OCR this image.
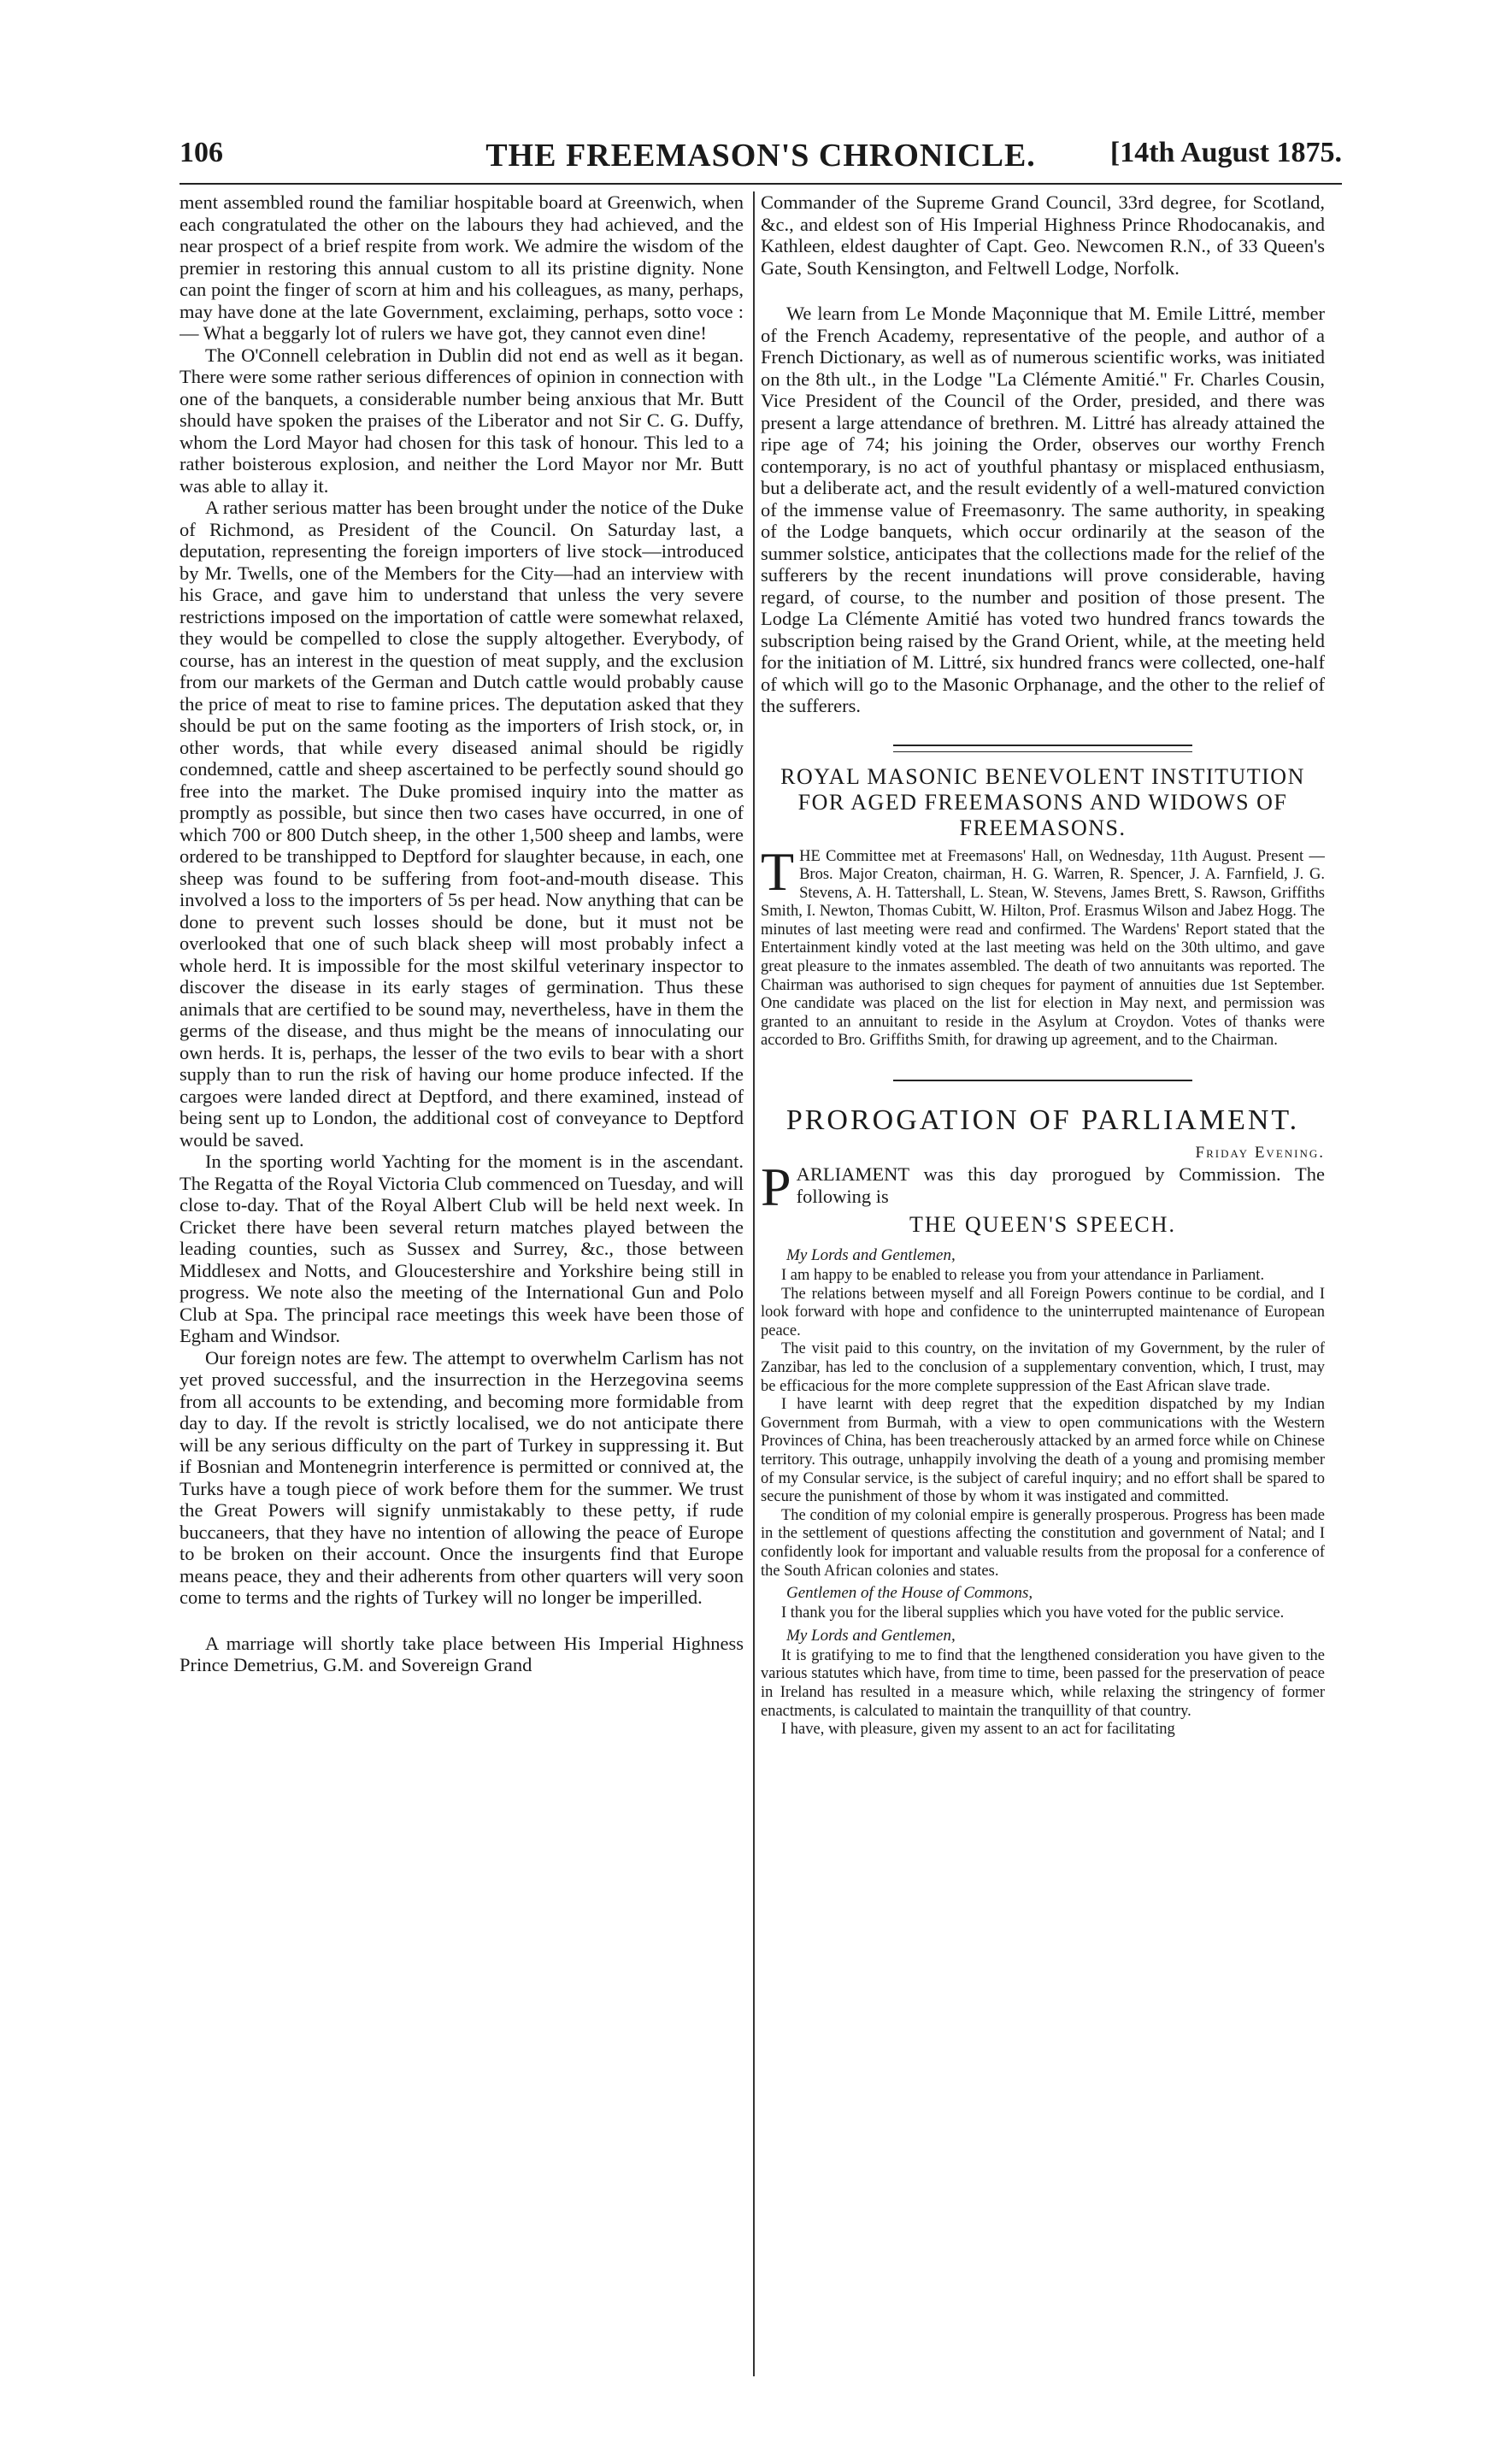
106	THE FREEMASON'S CHRONICLE.	[14th August 1875.

ment assembled round the familiar hospitable board at Greenwich, when each congratulated the other on the labours they had achieved, and the near prospect of a brief respite from work. We admire the wisdom of the premier in restoring this annual custom to all its pristine dignity. None can point the finger of scorn at him and his colleagues, as many, perhaps, may have done at the late Government, exclaiming, perhaps, sotto voce : — What a beggarly lot of rulers we have got, they cannot even dine!

The O'Connell celebration in Dublin did not end as well as it began. There were some rather serious differences of opinion in connection with one of the banquets, a considerable number being anxious that Mr. Butt should have spoken the praises of the Liberator and not Sir C. G. Duffy, whom the Lord Mayor had chosen for this task of honour. This led to a rather boisterous explosion, and neither the Lord Mayor nor Mr. Butt was able to allay it.

A rather serious matter has been brought under the notice of the Duke of Richmond, as President of the Council. On Saturday last, a deputation, representing the foreign importers of live stock—introduced by Mr. Twells, one of the Members for the City—had an interview with his Grace, and gave him to understand that unless the very severe restrictions imposed on the importation of cattle were somewhat relaxed, they would be compelled to close the supply altogether. Everybody, of course, has an interest in the question of meat supply, and the exclusion from our markets of the German and Dutch cattle would probably cause the price of meat to rise to famine prices. The deputation asked that they should be put on the same footing as the importers of Irish stock, or, in other words, that while every diseased animal should be rigidly condemned, cattle and sheep ascertained to be perfectly sound should go free into the market. The Duke promised inquiry into the matter as promptly as possible, but since then two cases have occurred, in one of which 700 or 800 Dutch sheep, in the other 1,500 sheep and lambs, were ordered to be transhipped to Deptford for slaughter because, in each, one sheep was found to be suffering from foot-and-mouth disease. This involved a loss to the importers of 5s per head. Now anything that can be done to prevent such losses should be done, but it must not be overlooked that one of such black sheep will most probably infect a whole herd. It is impossible for the most skilful veterinary inspector to discover the disease in its early stages of germination. Thus these animals that are certified to be sound may, nevertheless, have in them the germs of the disease, and thus might be the means of innoculating our own herds. It is, perhaps, the lesser of the two evils to bear with a short supply than to run the risk of having our home produce infected. If the cargoes were landed direct at Deptford, and there examined, instead of being sent up to London, the additional cost of conveyance to Deptford would be saved.

In the sporting world Yachting for the moment is in the ascendant. The Regatta of the Royal Victoria Club commenced on Tuesday, and will close to-day. That of the Royal Albert Club will be held next week. In Cricket there have been several return matches played between the leading counties, such as Sussex and Surrey, &c., those between Middlesex and Notts, and Gloucestershire and Yorkshire being still in progress. We note also the meeting of the International Gun and Polo Club at Spa. The principal race meetings this week have been those of Egham and Windsor.

Our foreign notes are few. The attempt to overwhelm Carlism has not yet proved successful, and the insurrection in the Herzegovina seems from all accounts to be extending, and becoming more formidable from day to day. If the revolt is strictly localised, we do not anticipate there will be any serious difficulty on the part of Turkey in suppressing it. But if Bosnian and Montenegrin interference is permitted or connived at, the Turks have a tough piece of work before them for the summer. We trust the Great Powers will signify unmistakably to these petty, if rude buccaneers, that they have no intention of allowing the peace of Europe to be broken on their account. Once the insurgents find that Europe means peace, they and their adherents from other quarters will very soon come to terms and the rights of Turkey will no longer be imperilled.

A marriage will shortly take place between His Imperial Highness Prince Demetrius, G.M. and Sovereign Grand

Commander of the Supreme Grand Council, 33rd degree, for Scotland, &c., and eldest son of His Imperial Highness Prince Rhodocanakis, and Kathleen, eldest daughter of Capt. Geo. Newcomen R.N., of 33 Queen's Gate, South Kensington, and Feltwell Lodge, Norfolk.

We learn from Le Monde Maçonnique that M. Emile Littré, member of the French Academy, representative of the people, and author of a French Dictionary, as well as of numerous scientific works, was initiated on the 8th ult., in the Lodge "La Clémente Amitié." Fr. Charles Cousin, Vice President of the Council of the Order, presided, and there was present a large attendance of brethren. M. Littré has already attained the ripe age of 74; his joining the Order, observes our worthy French contemporary, is no act of youthful phantasy or misplaced enthusiasm, but a deliberate act, and the result evidently of a well-matured conviction of the immense value of Freemasonry. The same authority, in speaking of the Lodge banquets, which occur ordinarily at the season of the summer solstice, anticipates that the collections made for the relief of the sufferers by the recent inundations will prove considerable, having regard, of course, to the number and position of those present. The Lodge La Clémente Amitié has voted two hundred francs towards the subscription being raised by the Grand Orient, while, at the meeting held for the initiation of M. Littré, six hundred francs were collected, one-half of which will go to the Masonic Orphanage, and the other to the relief of the sufferers.

ROYAL MASONIC BENEVOLENT INSTITUTION FOR AGED FREEMASONS AND WIDOWS OF FREEMASONS.

THE Committee met at Freemasons' Hall, on Wednesday, 11th August. Present — Bros. Major Creaton, chairman, H. G. Warren, R. Spencer, J. A. Farnfield, J. G. Stevens, A. H. Tattershall, L. Stean, W. Stevens, James Brett, S. Rawson, Griffiths Smith, I. Newton, Thomas Cubitt, W. Hilton, Prof. Erasmus Wilson and Jabez Hogg. The minutes of last meeting were read and confirmed. The Wardens' Report stated that the Entertainment kindly voted at the last meeting was held on the 30th ultimo, and gave great pleasure to the inmates assembled. The death of two annuitants was reported. The Chairman was authorised to sign cheques for payment of annuities due 1st September. One candidate was placed on the list for election in May next, and permission was granted to an annuitant to reside in the Asylum at Croydon. Votes of thanks were accorded to Bro. Griffiths Smith, for drawing up agreement, and to the Chairman.

PROROGATION OF PARLIAMENT.

Friday Evening.

PARLIAMENT was this day prorogued by Commission. The following is

THE QUEEN'S SPEECH.

My Lords and Gentlemen,

I am happy to be enabled to release you from your attendance in Parliament.

The relations between myself and all Foreign Powers continue to be cordial, and I look forward with hope and confidence to the uninterrupted maintenance of European peace.

The visit paid to this country, on the invitation of my Government, by the ruler of Zanzibar, has led to the conclusion of a supplementary convention, which, I trust, may be efficacious for the more complete suppression of the East African slave trade.

I have learnt with deep regret that the expedition dispatched by my Indian Government from Burmah, with a view to open communications with the Western Provinces of China, has been treacherously attacked by an armed force while on Chinese territory. This outrage, unhappily involving the death of a young and promising member of my Consular service, is the subject of careful inquiry; and no effort shall be spared to secure the punishment of those by whom it was instigated and committed.

The condition of my colonial empire is generally prosperous. Progress has been made in the settlement of questions affecting the constitution and government of Natal; and I confidently look for important and valuable results from the proposal for a conference of the South African colonies and states.

Gentlemen of the House of Commons,

I thank you for the liberal supplies which you have voted for the public service.

My Lords and Gentlemen,

It is gratifying to me to find that the lengthened consideration you have given to the various statutes which have, from time to time, been passed for the preservation of peace in Ireland has resulted in a measure which, while relaxing the stringency of former enactments, is calculated to maintain the tranquillity of that country.

I have, with pleasure, given my assent to an act for facilitating
